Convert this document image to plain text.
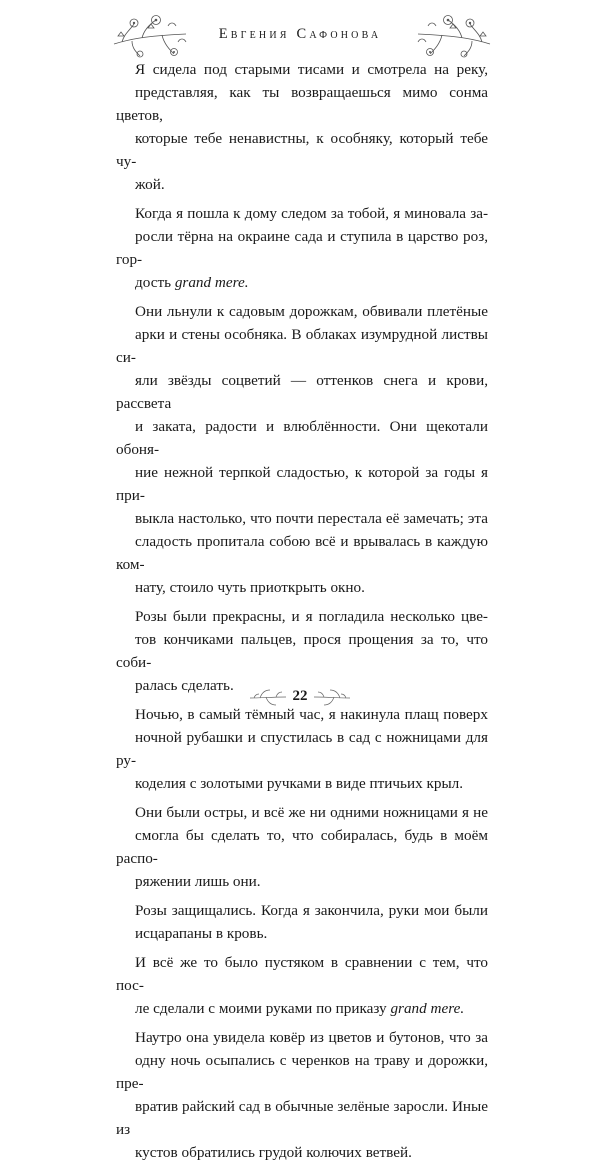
Евгения Сафонова

Я сидела под старыми тисами и смотрела на реку,
представляя, как ты возвращаешься мимо сонма цветов,
которые тебе ненавистны, к особняку, который тебе чу-
жой.

Когда я пошла к дому следом за тобой, я миновала за-
росли тёрна на окраине сада и ступила в царство роз, гор-
дость grand mere.

Они льнули к садовым дорожкам, обвивали плетёные
арки и стены особняка. В облаках изумрудной листвы си-
яли звёзды соцветий — оттенков снега и крови, рассвета
и заката, радости и влюблённости. Они щекотали обоня-
ние нежной терпкой сладостью, к которой за годы я при-
выкла настолько, что почти перестала её замечать; эта
сладость пропитала собою всё и врывалась в каждую ком-
нату, стоило чуть приоткрыть окно.

Розы были прекрасны, и я погладила несколько цве-
тов кончиками пальцев, прося прощения за то, что соби-
ралась сделать.

Ночью, в самый тёмный час, я накинула плащ поверх
ночной рубашки и спустилась в сад с ножницами для ру-
коделия с золотыми ручками в виде птичьих крыл.

Они были остры, и всё же ни одними ножницами я не
смогла бы сделать то, что собиралась, будь в моём распо-
ряжении лишь они.

Розы защищались. Когда я закончила, руки мои были
исцарапаны в кровь.

И всё же то было пустяком в сравнении с тем, что пос-
ле сделали с моими руками по приказу grand mere.

Наутро она увидела ковёр из цветов и бутонов, что за
одну ночь осыпались с черенков на траву и дорожки, пре-
вратив райский сад в обычные зелёные заросли. Иные из
кустов обратились грудой колючих ветвей.

22
